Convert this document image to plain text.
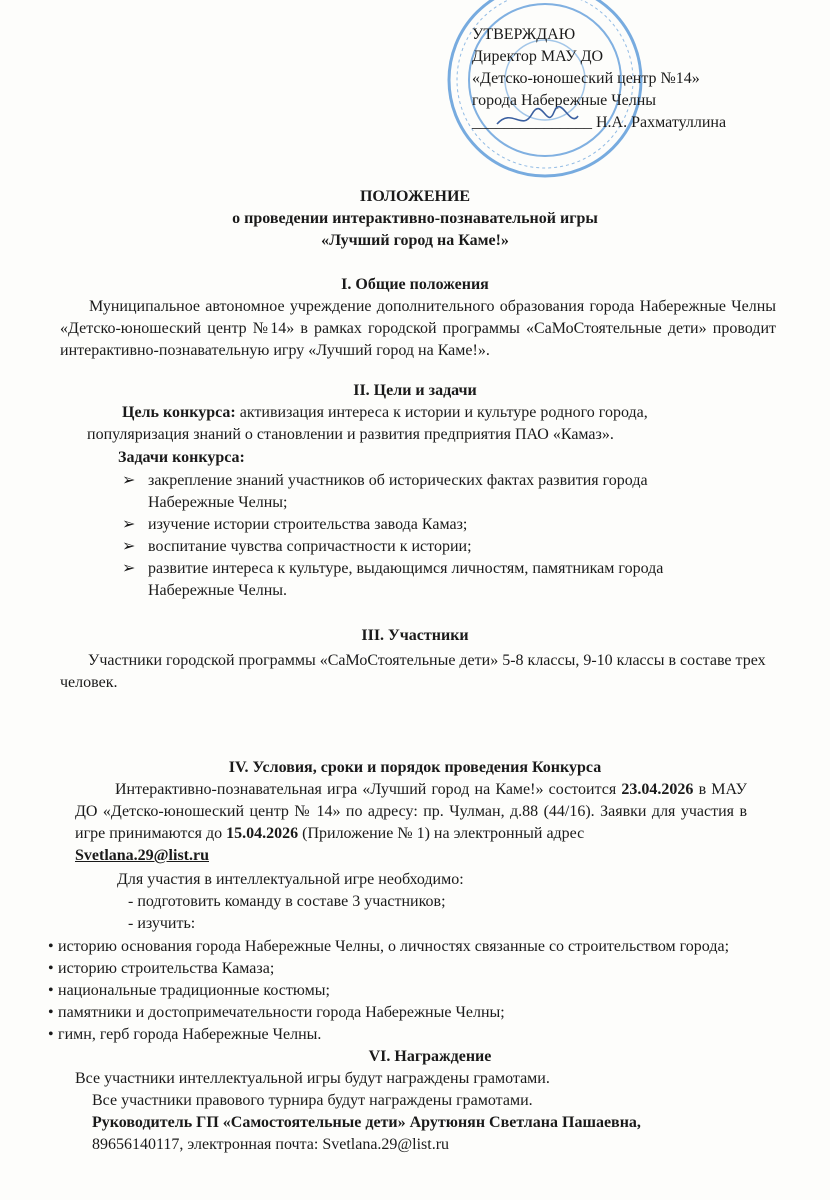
УТВЕРЖДАЮ
Директор МАУ ДО
«Детско-юношеский центр №14»
города Набережные Челны
_______________ Н.А. Рахматуллина
ПОЛОЖЕНИЕ
о проведении интерактивно-познавательной игры
«Лучший город на Каме!»
I. Общие положения
Муниципальное автономное учреждение дополнительного образования города Набережные Челны «Детско-юношеский центр №14» в рамках городской программы «СаМоСтоятельные дети» проводит интерактивно-познавательную игру «Лучший город на Каме!».
II. Цели и задачи
Цель конкурса: активизация интереса к истории и культуре родного города,
популяризация знаний о становлении и развития предприятия ПАО «Камаз».
Задачи конкурса:
➢ закрепление знаний участников об исторических фактах развития города Набережные Челны;
➢ изучение истории строительства завода Камаз;
➢ воспитание чувства сопричастности к истории;
➢ развитие интереса к культуре, выдающимся личностям, памятникам города Набережные Челны.
III. Участники
Участники городской программы «СаМоСтоятельные дети» 5-8 классы, 9-10 классы в составе трех человек.
IV. Условия, сроки и порядок проведения Конкурса
Интерактивно-познавательная игра «Лучший город на Каме!» состоится 23.04.2026 в МАУ ДО «Детско-юношеский центр № 14» по адресу: пр. Чулман, д.88 (44/16). Заявки для участия в игре принимаются до 15.04.2026 (Приложение № 1) на электронный адрес
Svetlana.29@list.ru
Для участия в интеллектуальной игре необходимо:
- подготовить команду в составе 3 участников;
- изучить:
• историю основания города Набережные Челны, о личностях связанные со строительством города;
• историю строительства Камаза;
• национальные традиционные костюмы;
• памятники и достопримечательности города Набережные Челны;
• гимн, герб города Набережные Челны.
VI. Награждение
Все участники интеллектуальной игры будут награждены грамотами.
Все участники правового турнира будут награждены грамотами.
Руководитель ГП «Самостоятельные дети» Арутюнян Светлана Пашаевна,
89656140117, электронная почта: Svetlana.29@list.ru
